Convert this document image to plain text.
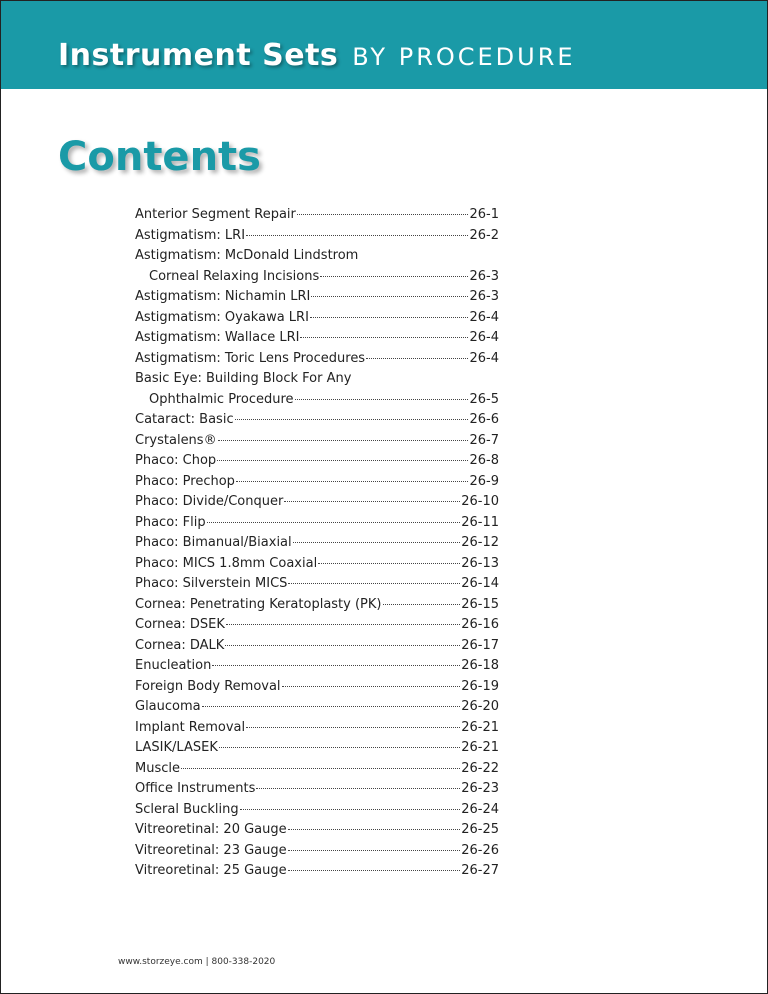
Instrument Sets BY PROCEDURE
Contents
Anterior Segment Repair	26-1
Astigmatism: LRI	26-2
Astigmatism: McDonald Lindstrom
Corneal Relaxing Incisions	26-3
Astigmatism: Nichamin LRI	26-3
Astigmatism: Oyakawa LRI	26-4
Astigmatism: Wallace LRI	26-4
Astigmatism: Toric Lens Procedures	26-4
Basic Eye: Building Block For Any
Ophthalmic Procedure	26-5
Cataract: Basic	26-6
Crystalens®	26-7
Phaco: Chop	26-8
Phaco: Prechop	26-9
Phaco: Divide/Conquer	26-10
Phaco: Flip	26-11
Phaco: Bimanual/Biaxial	26-12
Phaco: MICS 1.8mm Coaxial	26-13
Phaco: Silverstein MICS	26-14
Cornea: Penetrating Keratoplasty (PK)	26-15
Cornea: DSEK	26-16
Cornea: DALK	26-17
Enucleation	26-18
Foreign Body Removal	26-19
Glaucoma	26-20
Implant Removal	26-21
LASIK/LASEK	26-21
Muscle	26-22
Office Instruments	26-23
Scleral Buckling	26-24
Vitreoretinal: 20 Gauge	26-25
Vitreoretinal: 23 Gauge	26-26
Vitreoretinal: 25 Gauge	26-27
www.storzeye.com | 800-338-2020
